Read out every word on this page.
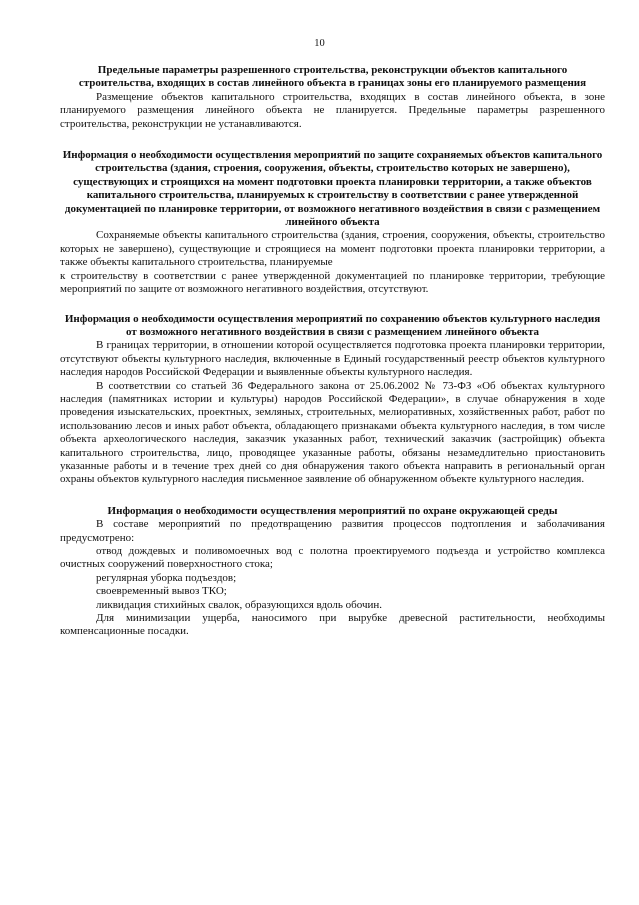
10
Предельные параметры разрешенного строительства, реконструкции объектов капитального строительства, входящих в состав линейного объекта в границах зоны его планируемого размещения

Размещение объектов капитального строительства, входящих в состав линейного объекта, в зоне планируемого размещения линейного объекта не планируется. Предельные параметры разрешенного строительства, реконструкции не устанавливаются.

Информация о необходимости осуществления мероприятий по защите сохраняемых объектов капитального строительства (здания, строения, сооружения, объекты, строительство которых не завершено), существующих и строящихся на момент подготовки проекта планировки территории, а также объектов капитального строительства, планируемых к строительству в соответствии с ранее утвержденной документацией по планировке территории, от возможного негативного воздействия в связи с размещением линейного объекта

Сохраняемые объекты капитального строительства (здания, строения, сооружения, объекты, строительство которых не завершено), существующие и строящиеся на момент подготовки проекта планировки территории, а также объекты капитального строительства, планируемые

к строительству в соответствии с ранее утвержденной документацией по планировке территории, требующие мероприятий по защите от возможного негативного воздействия, отсутствуют.

Информация о необходимости осуществления мероприятий по сохранению объектов культурного наследия от возможного негативного воздействия в связи с размещением линейного объекта

В границах территории, в отношении которой осуществляется подготовка проекта планировки территории, отсутствуют объекты культурного наследия, включенные в Единый государственный реестр объектов культурного наследия народов Российской Федерации и выявленные объекты культурного наследия.

В соответствии со статьей 36 Федерального закона от 25.06.2002 № 73-ФЗ «Об объектах культурного наследия (памятниках истории и культуры) народов Российской Федерации», в случае обнаружения в ходе проведения изыскательских, проектных, земляных, строительных, мелиоративных, хозяйственных работ, работ по использованию лесов и иных работ объекта, обладающего признаками объекта культурного наследия, в том числе объекта археологического наследия, заказчик указанных работ, технический заказчик (застройщик) объекта капитального строительства, лицо, проводящее указанные работы, обязаны незамедлительно приостановить указанные работы и в течение трех дней со дня обнаружения такого объекта направить в региональный орган охраны объектов культурного наследия письменное заявление об обнаруженном объекте культурного наследия.

Информация о необходимости осуществления мероприятий по охране окружающей среды

В составе мероприятий по предотвращению развития процессов подтопления и заболачивания предусмотрено:

отвод дождевых и поливомоечных вод с полотна проектируемого подъезда и устройство комплекса очистных сооружений поверхностного стока;

регулярная уборка подъездов;

своевременный вывоз ТКО;

ликвидация стихийных свалок, образующихся вдоль обочин.

Для минимизации ущерба, наносимого при вырубке древесной растительности, необходимы компенсационные посадки.
